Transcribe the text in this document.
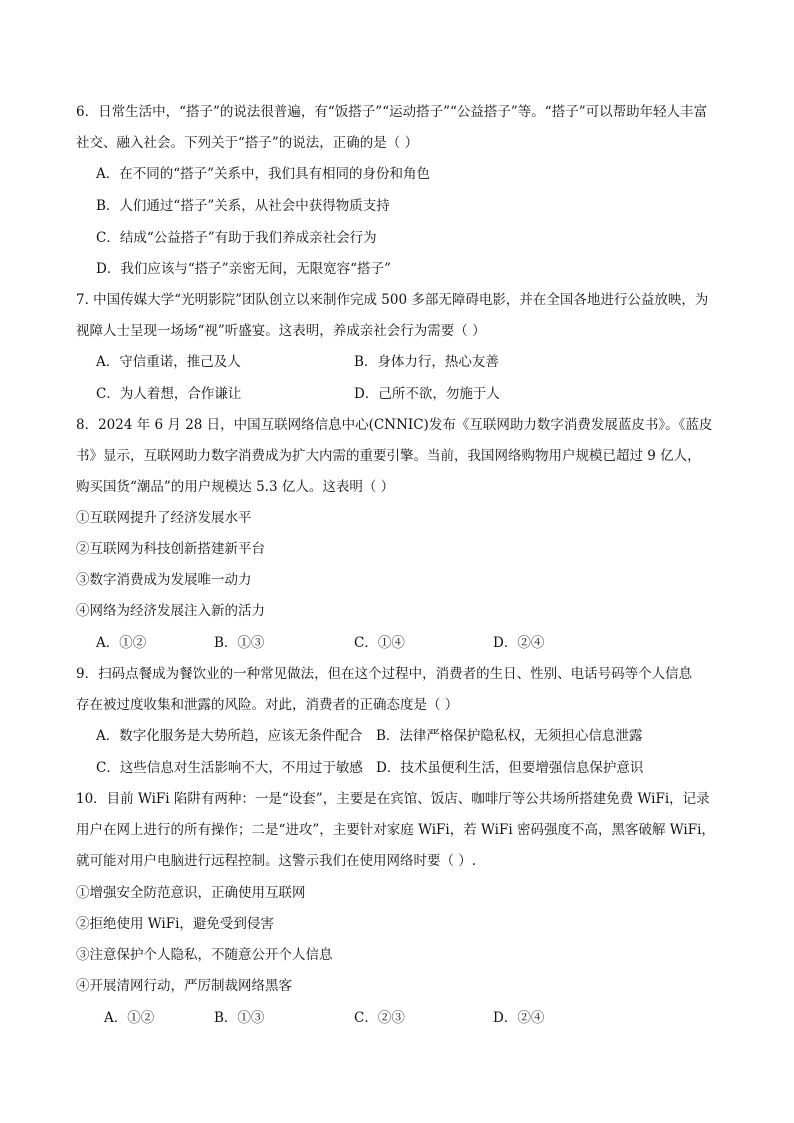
6．日常生活中，“搭子”的说法很普遍，有“饭搭子”“运动搭子”“公益搭子”等。“搭子”可以帮助年轻人丰富
社交、融入社会。下列关于“搭子”的说法，正确的是（ ）
A．在不同的“搭子”关系中，我们具有相同的身份和角色
B．人们通过“搭子”关系，从社会中获得物质支持
C．结成“公益搭子”有助于我们养成亲社会行为
D．我们应该与“搭子”亲密无间，无限宽容“搭子”
7. 中国传媒大学“光明影院”团队创立以来制作完成 500 多部无障碍电影，并在全国各地进行公益放映，为
视障人士呈现一场场“视”听盛宴。这表明，养成亲社会行为需要（ ）
A．守信重诺，推己及人	B．身体力行，热心友善
C．为人着想，合作谦让	D．己所不欲，勿施于人
8．2024 年 6 月 28 日，中国互联网络信息中心(CNNIC)发布《互联网助力数字消费发展蓝皮书》。《蓝皮
书》显示，互联网助力数字消费成为扩大内需的重要引擎。当前，我国网络购物用户规模已超过 9 亿人，
购买国货“潮品”的用户规模达 5.3 亿人。这表明（ ）
①互联网提升了经济发展水平
②互联网为科技创新搭建新平台
③数字消费成为发展唯一动力
④网络为经济发展注入新的活力
A．①②	B．①③	C．①④	D．②④
9．扫码点餐成为餐饮业的一种常见做法，但在这个过程中，消费者的生日、性别、电话号码等个人信息
存在被过度收集和泄露的风险。对此，消费者的正确态度是（ ）
A．数字化服务是大势所趋，应该无条件配合 B．法律严格保护隐私权，无须担心信息泄露
C．这些信息对生活影响不大，不用过于敏感 D．技术虽便利生活，但要增强信息保护意识
10．目前 WiFi 陷阱有两种：一是“设套”，主要是在宾馆、饭店、咖啡厅等公共场所搭建免费 WiFi，记录
用户在网上进行的所有操作；二是“进攻”，主要针对家庭 WiFi，若 WiFi 密码强度不高，黑客破解 WiFi，
就可能对用户电脑进行远程控制。这警示我们在使用网络时要（ ）.
①增强安全防范意识，正确使用互联网
②拒绝使用 WiFi，避免受到侵害
③注意保护个人隐私，不随意公开个人信息
④开展清网行动，严厉制裁网络黑客
A．①②	B．①③	C．②③	D．②④
